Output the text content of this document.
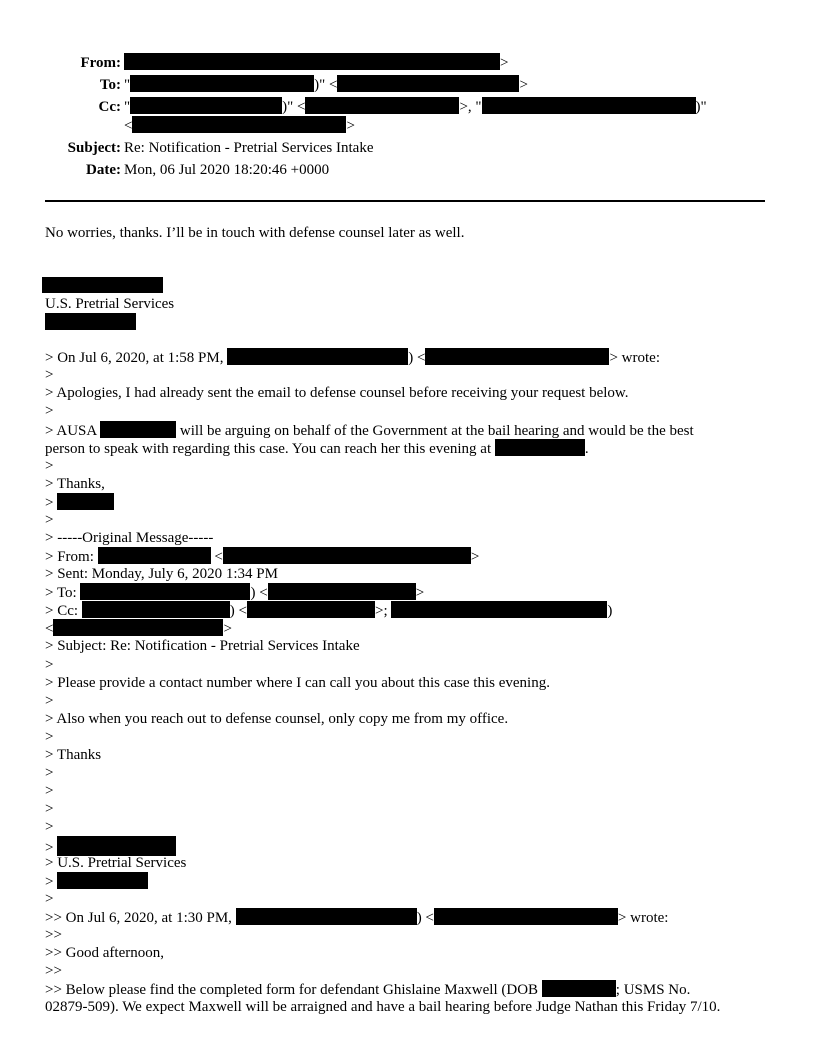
From:	>
To: "	)" <	>
Cc: "	)" <	>, "	)"
<	>
Subject: Re: Notification - Pretrial Services Intake
Date: Mon, 06 Jul 2020 18:20:46 +0000
No worries, thanks. I’ll be in touch with defense counsel later as well.
U.S. Pretrial Services
> On Jul 6, 2020, at 1:58 PM,	) <	> wrote:
>
> Apologies, I had already sent the email to defense counsel before receiving your request below.
>
> AUSA	will be arguing on behalf of the Government at the bail hearing and would be the best
person to speak with regarding this case. You can reach her this evening at	.
>
> Thanks,
>
>
> -----Original Message-----
> From:	<	>
> Sent: Monday, July 6, 2020 1:34 PM
> To:	) <	>
> Cc:	) <	>;	)
<	>
> Subject: Re: Notification - Pretrial Services Intake
>
> Please provide a contact number where I can call you about this case this evening.
>
> Also when you reach out to defense counsel, only copy me from my office.
>
> Thanks
>
>
>
>
>
> U.S. Pretrial Services
>
>
>> On Jul 6, 2020, at 1:30 PM,	) <	> wrote:
>>
>> Good afternoon,
>>
>> Below please find the completed form for defendant Ghislaine Maxwell (DOB	; USMS No.
02879-509). We expect Maxwell will be arraigned and have a bail hearing before Judge Nathan this Friday 7/10.
